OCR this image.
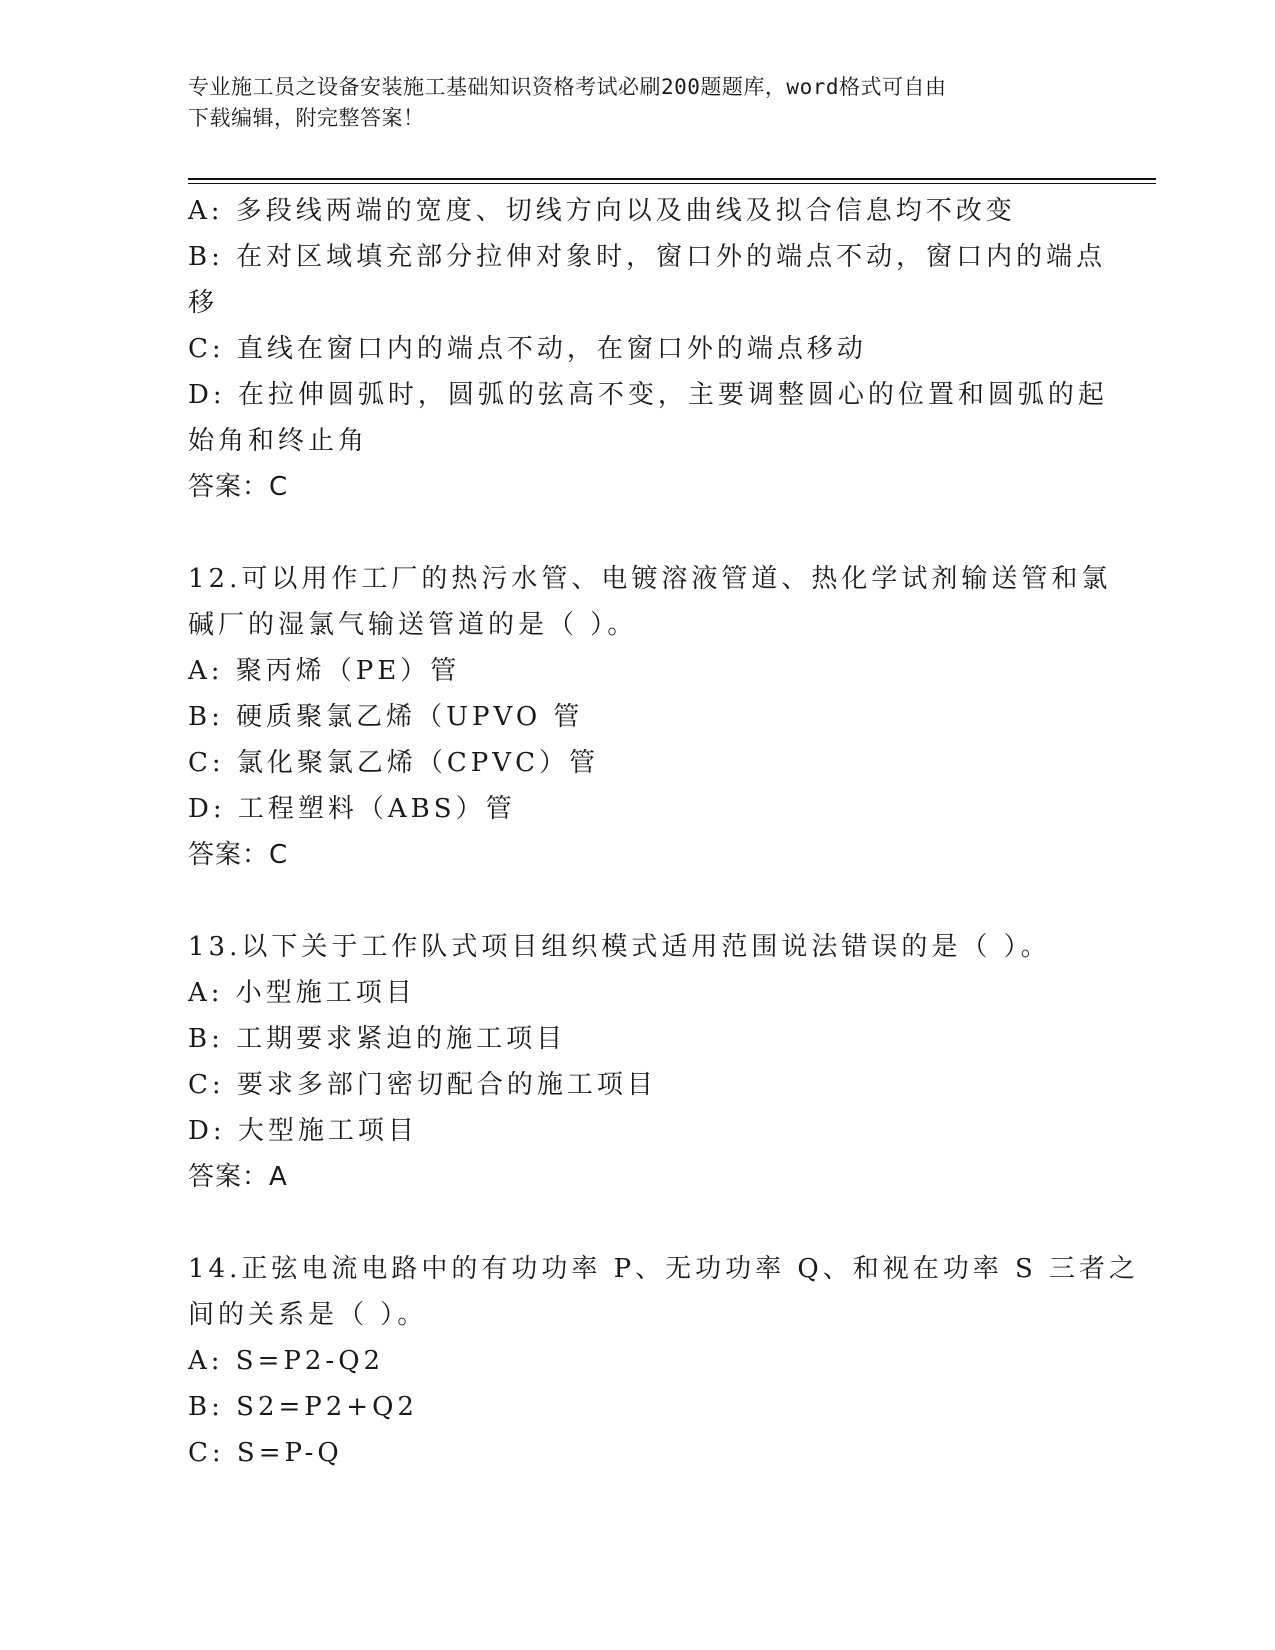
专业施工员之设备安装施工基础知识资格考试必刷200题题库，word格式可自由
下载编辑，附完整答案！
A: 多段线两端的宽度、切线方向以及曲线及拟合信息均不改变
B: 在对区域填充部分拉伸对象时，窗口外的端点不动，窗口内的端点
移
C: 直线在窗口内的端点不动，在窗口外的端点移动
D: 在拉伸圆弧时，圆弧的弦高不变，主要调整圆心的位置和圆弧的起
始角和终止角
答案：C
12.可以用作工厂的热污水管、电镀溶液管道、热化学试剂输送管和氯
碱厂的湿氯气输送管道的是（ ）。
A: 聚丙烯（PE）管
B: 硬质聚氯乙烯（UPVO 管
C: 氯化聚氯乙烯（CPVC）管
D: 工程塑料（ABS）管
答案：C
13.以下关于工作队式项目组织模式适用范围说法错误的是（ ）。
A: 小型施工项目
B: 工期要求紧迫的施工项目
C: 要求多部门密切配合的施工项目
D: 大型施工项目
答案：A
14.正弦电流电路中的有功功率 P、无功功率 Q、和视在功率 S 三者之
间的关系是（ ）。
A: S=P2-Q2
B: S2=P2+Q2
C: S=P-Q
